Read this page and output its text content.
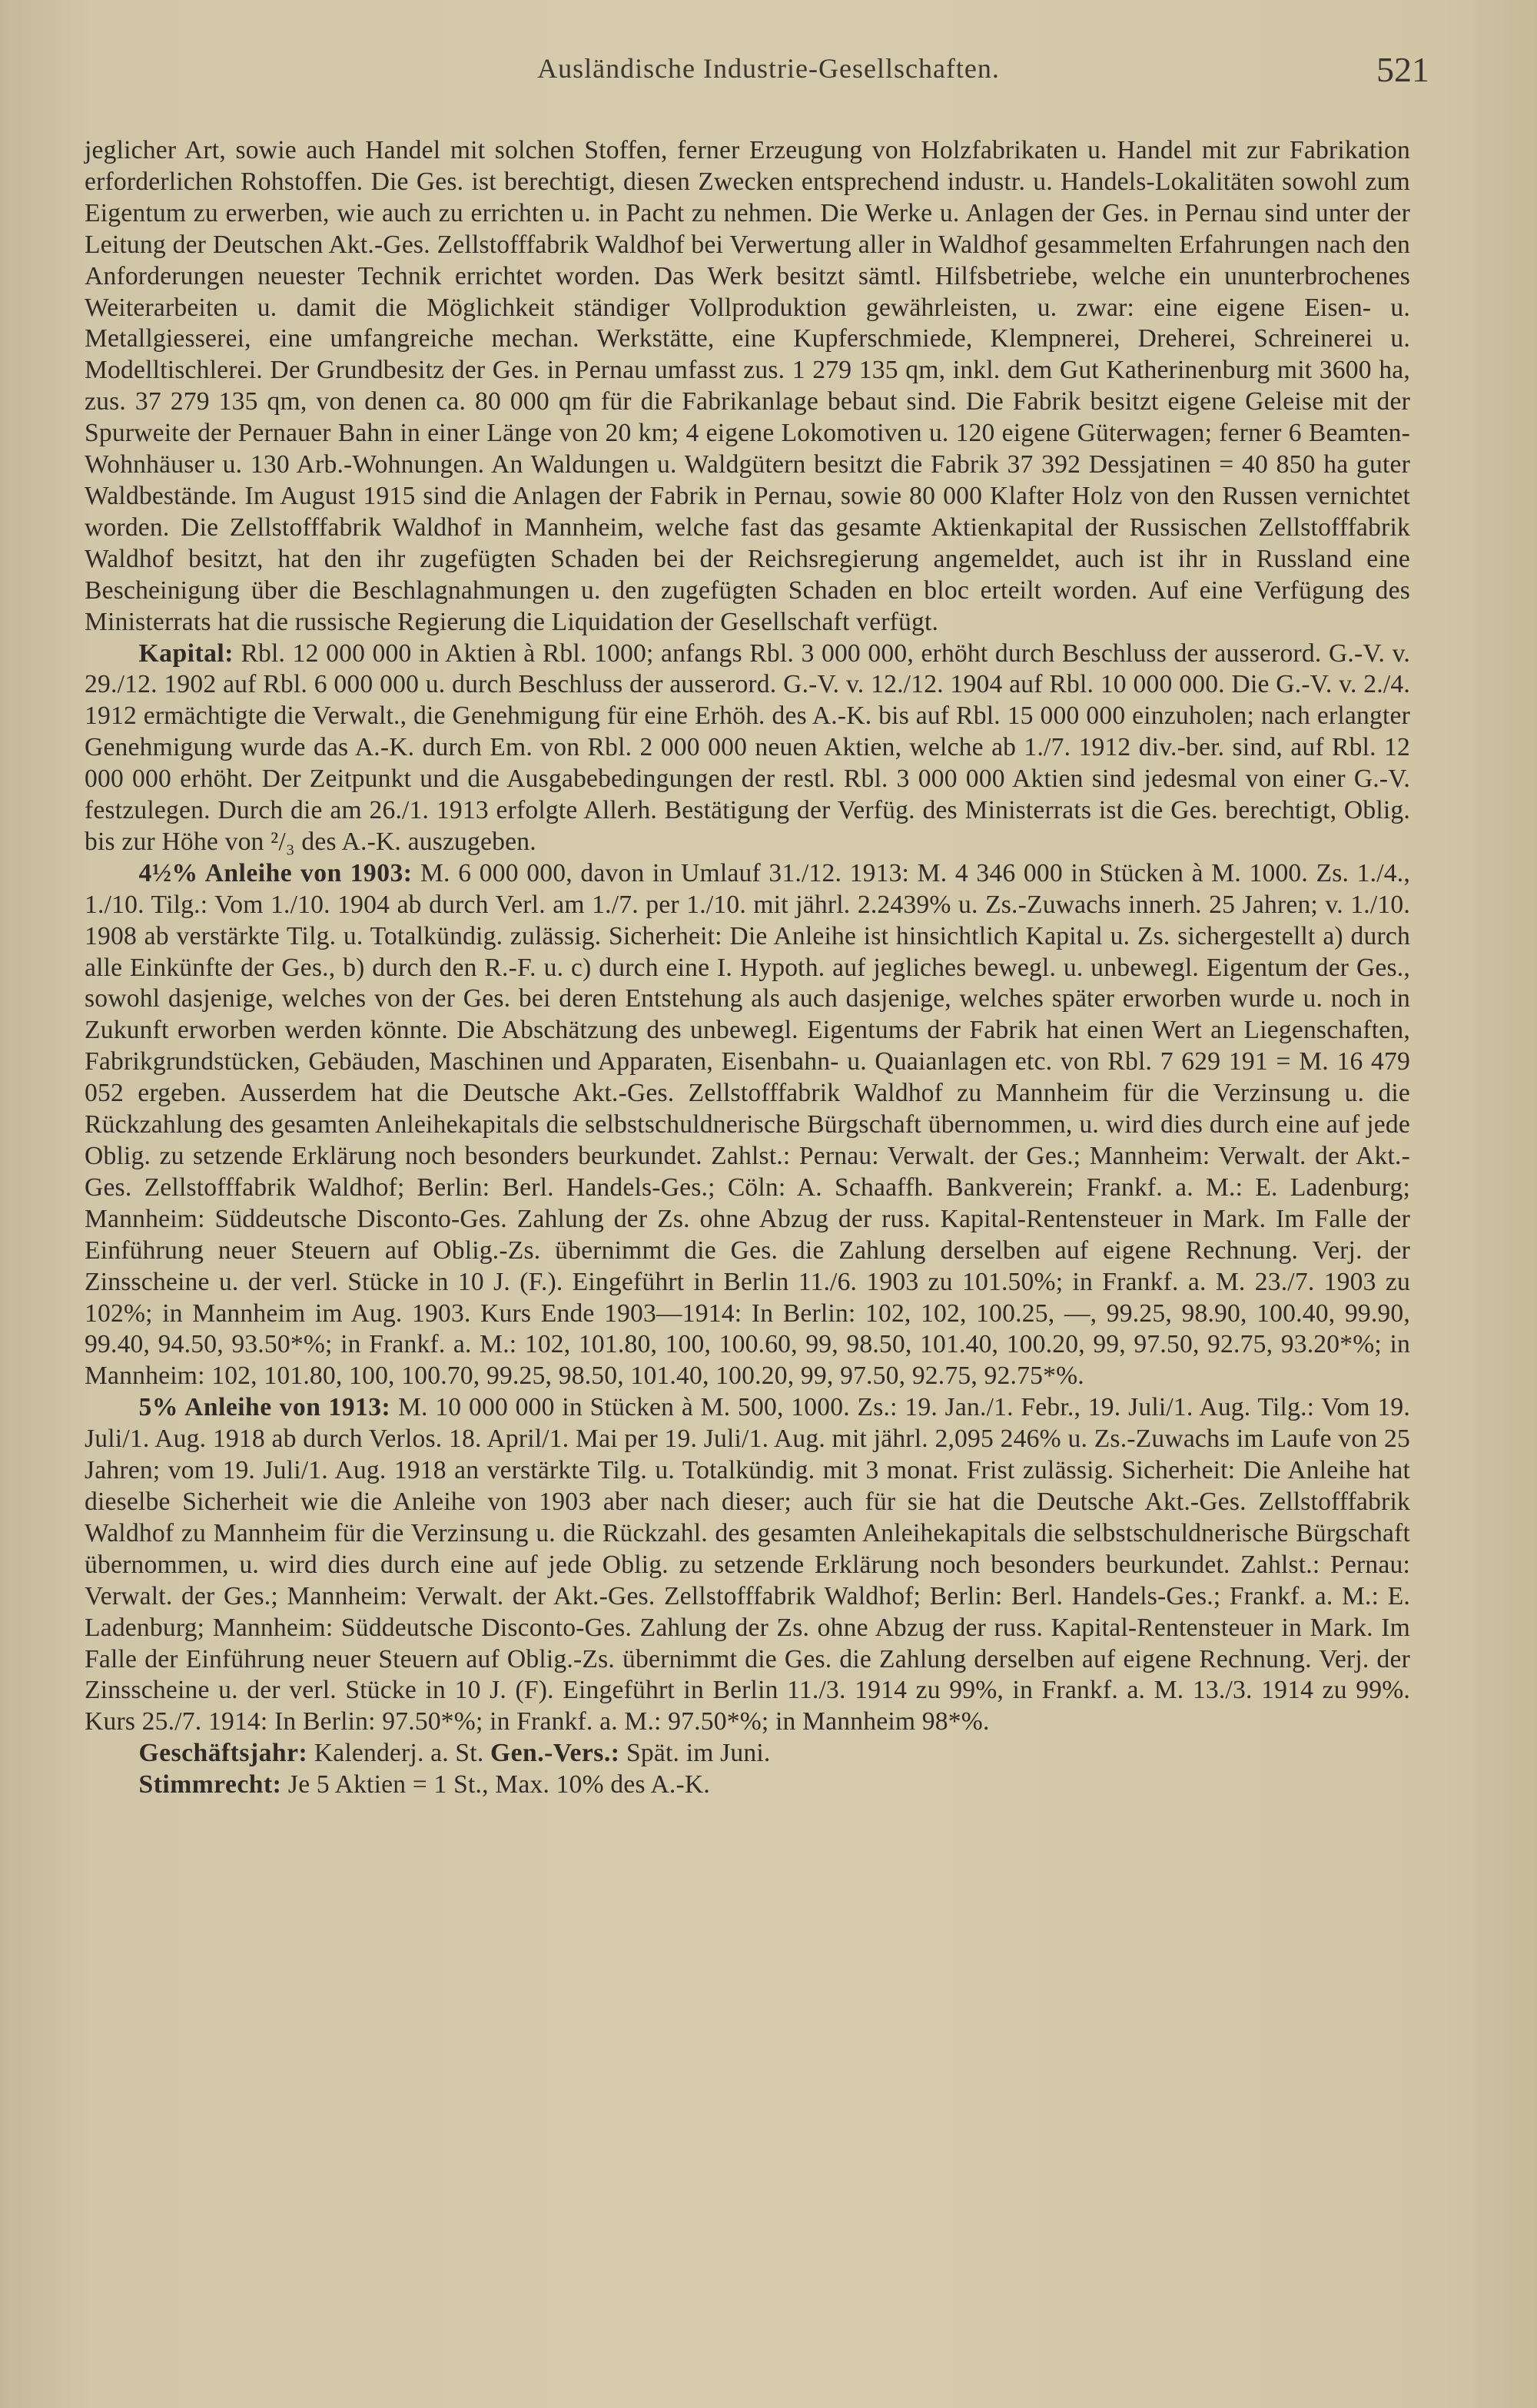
Ausländische Industrie-Gesellschaften.	521

jeglicher Art, sowie auch Handel mit solchen Stoffen, ferner Erzeugung von Holzfabrikaten u. Handel mit zur Fabrikation erforderlichen Rohstoffen. Die Ges. ist berechtigt, diesen Zwecken entsprechend industr. u. Handels-Lokalitäten sowohl zum Eigentum zu erwerben, wie auch zu errichten u. in Pacht zu nehmen. Die Werke u. Anlagen der Ges. in Pernau sind unter der Leitung der Deutschen Akt.-Ges. Zellstofffabrik Waldhof bei Verwertung aller in Waldhof gesammelten Erfahrungen nach den Anforderungen neuester Technik errichtet worden. Das Werk besitzt sämtl. Hilfsbetriebe, welche ein ununterbrochenes Weiterarbeiten u. damit die Möglichkeit ständiger Vollproduktion gewährleisten, u. zwar: eine eigene Eisen- u. Metallgiesserei, eine umfangreiche mechan. Werkstätte, eine Kupferschmiede, Klempnerei, Dreherei, Schreinerei u. Modelltischlerei. Der Grundbesitz der Ges. in Pernau umfasst zus. 1 279 135 qm, inkl. dem Gut Katherinenburg mit 3600 ha, zus. 37 279 135 qm, von denen ca. 80 000 qm für die Fabrikanlage bebaut sind. Die Fabrik besitzt eigene Geleise mit der Spurweite der Pernauer Bahn in einer Länge von 20 km; 4 eigene Lokomotiven u. 120 eigene Güterwagen; ferner 6 Beamten-Wohnhäuser u. 130 Arb.-Wohnungen. An Waldungen u. Waldgütern besitzt die Fabrik 37 392 Dessjatinen = 40 850 ha guter Waldbestände. Im August 1915 sind die Anlagen der Fabrik in Pernau, sowie 80 000 Klafter Holz von den Russen vernichtet worden. Die Zellstofffabrik Waldhof in Mannheim, welche fast das gesamte Aktienkapital der Russischen Zellstofffabrik Waldhof besitzt, hat den ihr zugefügten Schaden bei der Reichsregierung angemeldet, auch ist ihr in Russland eine Bescheinigung über die Beschlagnahmungen u. den zugefügten Schaden en bloc erteilt worden. Auf eine Verfügung des Ministerrats hat die russische Regierung die Liquidation der Gesellschaft verfügt.

Kapital: Rbl. 12 000 000 in Aktien à Rbl. 1000; anfangs Rbl. 3 000 000, erhöht durch Beschluss der ausserord. G.-V. v. 29./12. 1902 auf Rbl. 6 000 000 u. durch Beschluss der ausserord. G.-V. v. 12./12. 1904 auf Rbl. 10 000 000. Die G.-V. v. 2./4. 1912 ermächtigte die Verwalt., die Genehmigung für eine Erhöh. des A.-K. bis auf Rbl. 15 000 000 einzuholen; nach erlangter Genehmigung wurde das A.-K. durch Em. von Rbl. 2 000 000 neuen Aktien, welche ab 1./7. 1912 div.-ber. sind, auf Rbl. 12 000 000 erhöht. Der Zeitpunkt und die Ausgabebedingungen der restl. Rbl. 3 000 000 Aktien sind jedesmal von einer G.-V. festzulegen. Durch die am 26./1. 1913 erfolgte Allerh. Bestätigung der Verfüg. des Ministerrats ist die Ges. berechtigt, Oblig. bis zur Höhe von ²/₃ des A.-K. auszugeben.

4½% Anleihe von 1903: M. 6 000 000, davon in Umlauf 31./12. 1913: M. 4 346 000 in Stücken à M. 1000. Zs. 1./4., 1./10. Tilg.: Vom 1./10. 1904 ab durch Verl. am 1./7. per 1./10. mit jährl. 2.2439% u. Zs.-Zuwachs innerh. 25 Jahren; v. 1./10. 1908 ab verstärkte Tilg. u. Totalkündig. zulässig. Sicherheit: Die Anleihe ist hinsichtlich Kapital u. Zs. sichergestellt a) durch alle Einkünfte der Ges., b) durch den R.-F. u. c) durch eine I. Hypoth. auf jegliches bewegl. u. unbewegl. Eigentum der Ges., sowohl dasjenige, welches von der Ges. bei deren Entstehung als auch dasjenige, welches später erworben wurde u. noch in Zukunft erworben werden könnte. Die Abschätzung des unbewegl. Eigentums der Fabrik hat einen Wert an Liegenschaften, Fabrikgrundstücken, Gebäuden, Maschinen und Apparaten, Eisenbahn- u. Quaianlagen etc. von Rbl. 7 629 191 = M. 16 479 052 ergeben. Ausserdem hat die Deutsche Akt.-Ges. Zellstofffabrik Waldhof zu Mannheim für die Verzinsung u. die Rückzahlung des gesamten Anleihekapitals die selbstschuldnerische Bürgschaft übernommen, u. wird dies durch eine auf jede Oblig. zu setzende Erklärung noch besonders beurkundet. Zahlst.: Pernau: Verwalt. der Ges.; Mannheim: Verwalt. der Akt.-Ges. Zellstofffabrik Waldhof; Berlin: Berl. Handels-Ges.; Cöln: A. Schaaffh. Bankverein; Frankf. a. M.: E. Ladenburg; Mannheim: Süddeutsche Disconto-Ges. Zahlung der Zs. ohne Abzug der russ. Kapital-Rentensteuer in Mark. Im Falle der Einführung neuer Steuern auf Oblig.-Zs. übernimmt die Ges. die Zahlung derselben auf eigene Rechnung. Verj. der Zinsscheine u. der verl. Stücke in 10 J. (F.). Eingeführt in Berlin 11./6. 1903 zu 101.50%; in Frankf. a. M. 23./7. 1903 zu 102%; in Mannheim im Aug. 1903. Kurs Ende 1903—1914: In Berlin: 102, 102, 100.25, —, 99.25, 98.90, 100.40, 99.90, 99.40, 94.50, 93.50*%; in Frankf. a. M.: 102, 101.80, 100, 100.60, 99, 98.50, 101.40, 100.20, 99, 97.50, 92.75, 93.20*%; in Mannheim: 102, 101.80, 100, 100.70, 99.25, 98.50, 101.40, 100.20, 99, 97.50, 92.75, 92.75*%.

5% Anleihe von 1913: M. 10 000 000 in Stücken à M. 500, 1000. Zs.: 19. Jan./1. Febr., 19. Juli/1. Aug. Tilg.: Vom 19. Juli/1. Aug. 1918 ab durch Verlos. 18. April/1. Mai per 19. Juli/1. Aug. mit jährl. 2,095 246% u. Zs.-Zuwachs im Laufe von 25 Jahren; vom 19. Juli/1. Aug. 1918 an verstärkte Tilg. u. Totalkündig. mit 3 monat. Frist zulässig. Sicherheit: Die Anleihe hat dieselbe Sicherheit wie die Anleihe von 1903 aber nach dieser; auch für sie hat die Deutsche Akt.-Ges. Zellstofffabrik Waldhof zu Mannheim für die Verzinsung u. die Rückzahl. des gesamten Anleihekapitals die selbstschuldnerische Bürgschaft übernommen, u. wird dies durch eine auf jede Oblig. zu setzende Erklärung noch besonders beurkundet. Zahlst.: Pernau: Verwalt. der Ges.; Mannheim: Verwalt. der Akt.-Ges. Zellstofffabrik Waldhof; Berlin: Berl. Handels-Ges.; Frankf. a. M.: E. Ladenburg; Mannheim: Süddeutsche Disconto-Ges. Zahlung der Zs. ohne Abzug der russ. Kapital-Rentensteuer in Mark. Im Falle der Einführung neuer Steuern auf Oblig.-Zs. übernimmt die Ges. die Zahlung derselben auf eigene Rechnung. Verj. der Zinsscheine u. der verl. Stücke in 10 J. (F). Eingeführt in Berlin 11./3. 1914 zu 99%, in Frankf. a. M. 13./3. 1914 zu 99%. Kurs 25./7. 1914: In Berlin: 97.50*%; in Frankf. a. M.: 97.50*%; in Mannheim 98*%.

Geschäftsjahr: Kalenderj. a. St. Gen.-Vers.: Spät. im Juni.

Stimmrecht: Je 5 Aktien = 1 St., Max. 10% des A.-K.
